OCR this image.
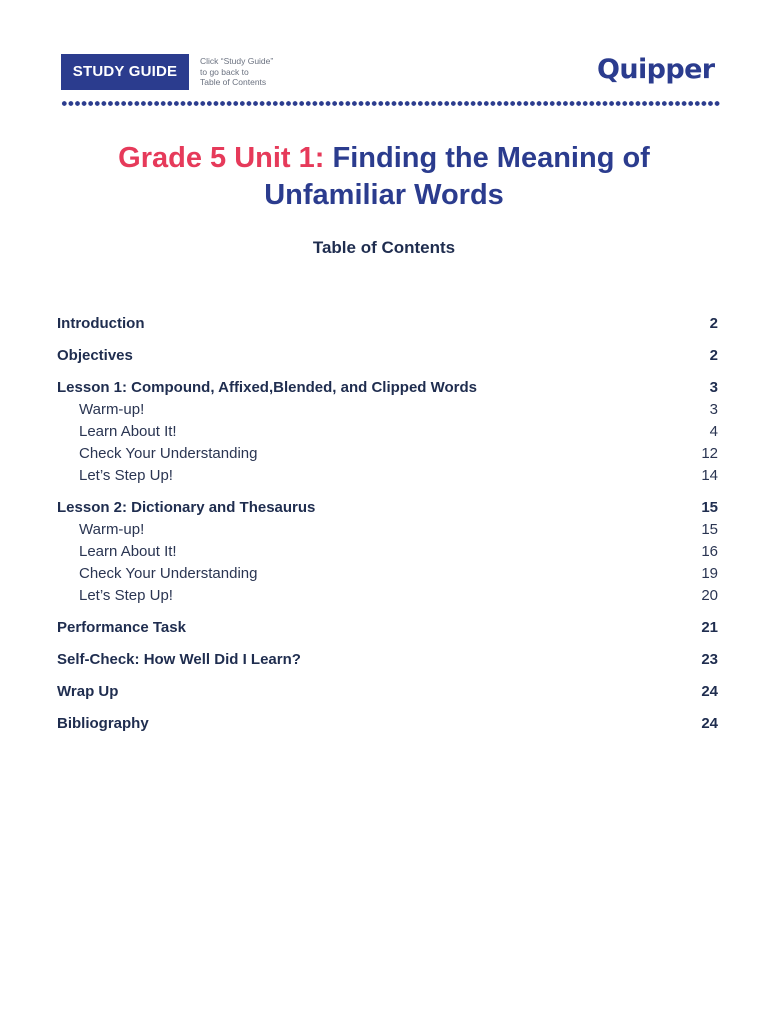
STUDY GUIDE
Click “Study Guide”
to go back to
Table of Contents	Quipper
Grade 5 Unit 1: Finding the Meaning of
Unfamiliar Words
Table of Contents
Introduction	2
Objectives	2
Lesson 1: Compound, Affixed,Blended, and Clipped Words	3
Warm-up!	3
Learn About It!	4
Check Your Understanding	12
Let’s Step Up!	14
Lesson 2: Dictionary and Thesaurus	15
Warm-up!	15
Learn About It!	16
Check Your Understanding	19
Let’s Step Up!	20
Performance Task	21
Self-Check: How Well Did I Learn?	23
Wrap Up	24
Bibliography	24
